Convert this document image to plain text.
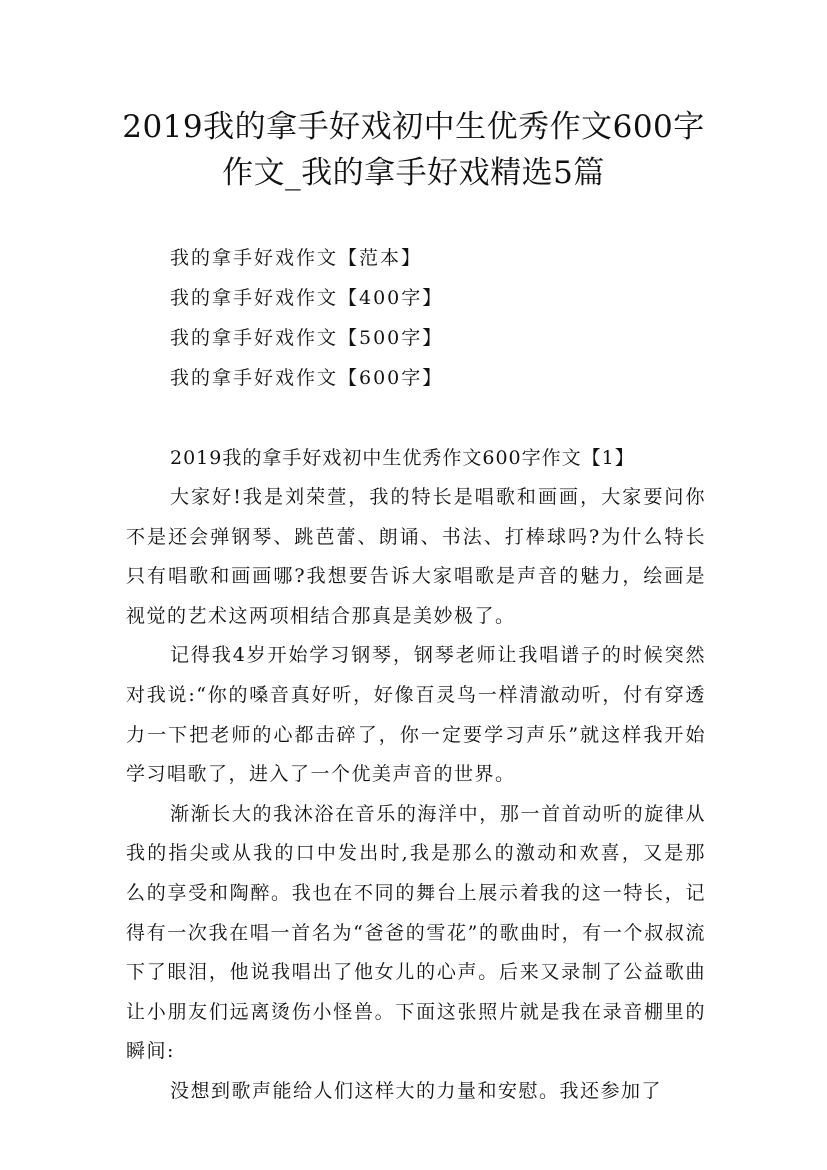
2019我的拿手好戏初中生优秀作文600字
作文_我的拿手好戏精选5篇
我的拿手好戏作文【范本】
我的拿手好戏作文【400字】
我的拿手好戏作文【500字】
我的拿手好戏作文【600字】
2019我的拿手好戏初中生优秀作文600字作文【1】

大家好!我是刘荣萱，我的特长是唱歌和画画，大家要问你不是还会弹钢琴、跳芭蕾、朗诵、书法、打棒球吗?为什么特长只有唱歌和画画哪?我想要告诉大家唱歌是声音的魅力，绘画是视觉的艺术这两项相结合那真是美妙极了。

记得我4岁开始学习钢琴，钢琴老师让我唱谱子的时候突然对我说:“你的嗓音真好听，好像百灵鸟一样清澈动听，付有穿透力一下把老师的心都击碎了，你一定要学习声乐”就这样我开始学习唱歌了，进入了一个优美声音的世界。

渐渐长大的我沐浴在音乐的海洋中，那一首首动听的旋律从我的指尖或从我的口中发出时,我是那么的激动和欢喜，又是那么的享受和陶醉。我也在不同的舞台上展示着我的这一特长，记得有一次我在唱一首名为“爸爸的雪花”的歌曲时，有一个叔叔流下了眼泪，他说我唱出了他女儿的心声。后来又录制了公益歌曲让小朋友们远离烫伤小怪兽。下面这张照片就是我在录音棚里的瞬间:

没想到歌声能给人们这样大的力量和安慰。我还参加了
